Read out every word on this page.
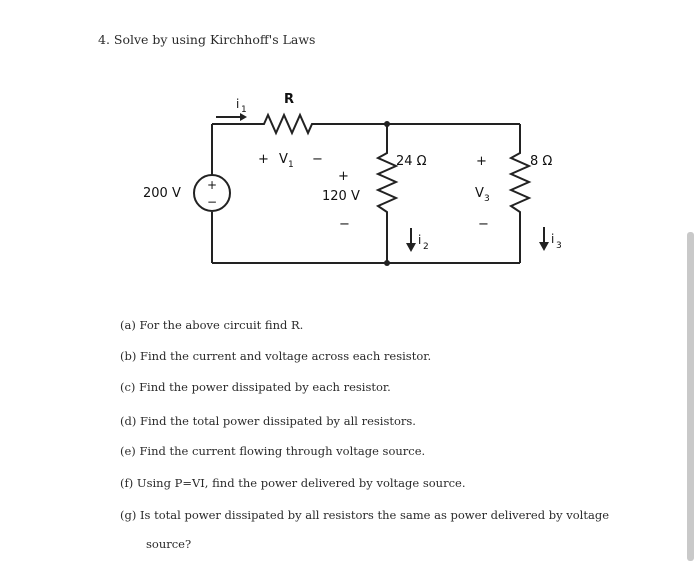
4. Solve by using Kirchhoff's Laws
+
−
200 V
R
i 1
+ V 1 −
+
120 V
−
24 Ω
i 2
+
V 3
−
8 Ω
i 3
(a) For the above circuit find R.
(b) Find the current and voltage across each resistor.
(c) Find the power dissipated by each resistor.
(d) Find the total power dissipated by all resistors.
(e) Find the current flowing through voltage source.
(f) Using P=VI, find the power delivered by voltage source.
(g) Is total power dissipated by all resistors the same as power delivered by voltage
source?
